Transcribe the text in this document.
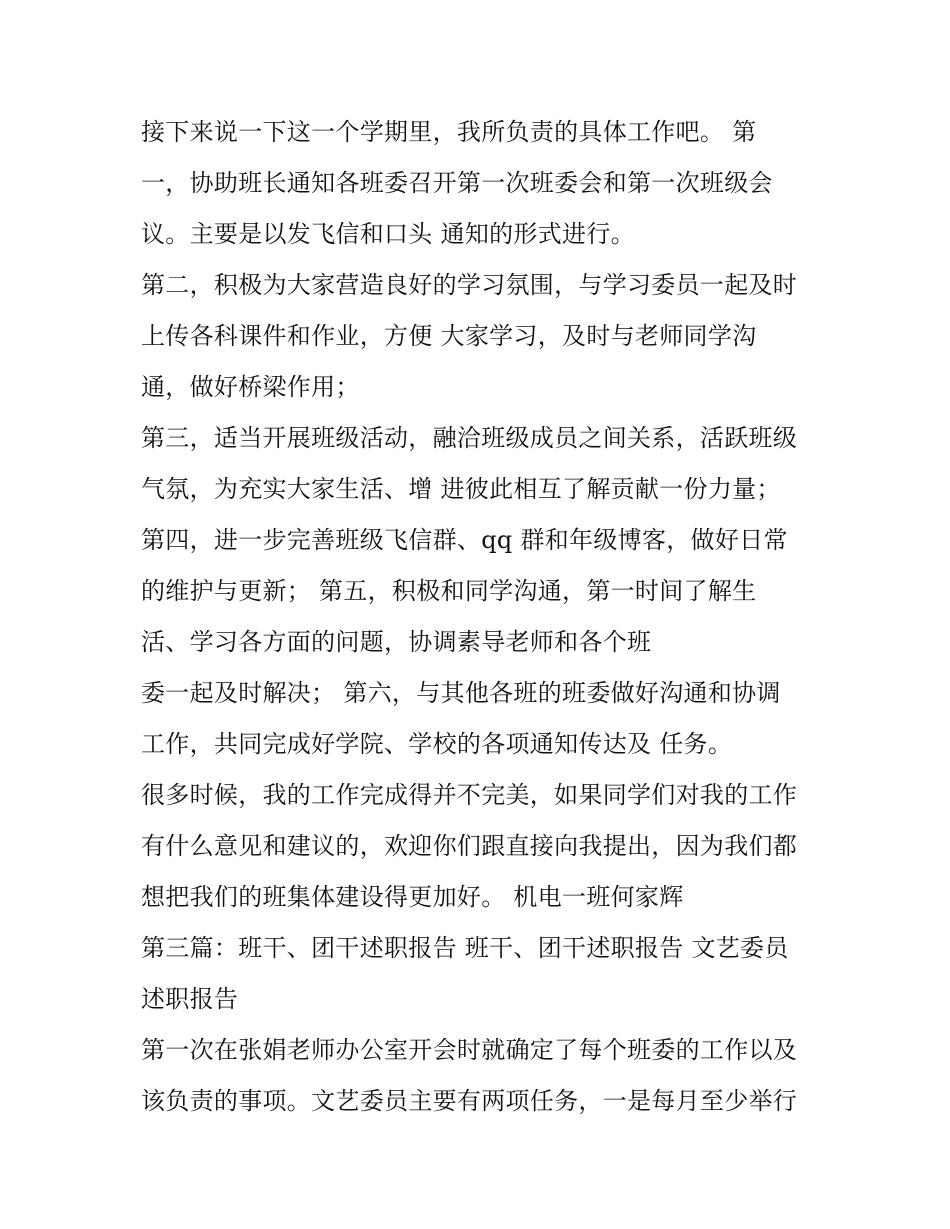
接下来说一下这一个学期里，我所负责的具体工作吧。 第
一，协助班长通知各班委召开第一次班委会和第一次班级会
议。主要是以发飞信和口头 通知的形式进行。
第二，积极为大家营造良好的学习氛围，与学习委员一起及时
上传各科课件和作业，方便 大家学习，及时与老师同学沟
通，做好桥梁作用；
第三，适当开展班级活动，融洽班级成员之间关系，活跃班级
气氛，为充实大家生活、增 进彼此相互了解贡献一份力量；
第四，进一步完善班级飞信群、qq 群和年级博客，做好日常
的维护与更新； 第五，积极和同学沟通，第一时间了解生
活、学习各方面的问题，协调素导老师和各个班
委一起及时解决； 第六，与其他各班的班委做好沟通和协调
工作，共同完成好学院、学校的各项通知传达及 任务。
很多时候，我的工作完成得并不完美，如果同学们对我的工作
有什么意见和建议的，欢迎你们跟直接向我提出，因为我们都
想把我们的班集体建设得更加好。 机电一班何家辉
第三篇：班干、团干述职报告 班干、团干述职报告 文艺委员
述职报告
第一次在张娟老师办公室开会时就确定了每个班委的工作以及
该负责的事项。文艺委员主要有两项任务，一是每月至少举行
